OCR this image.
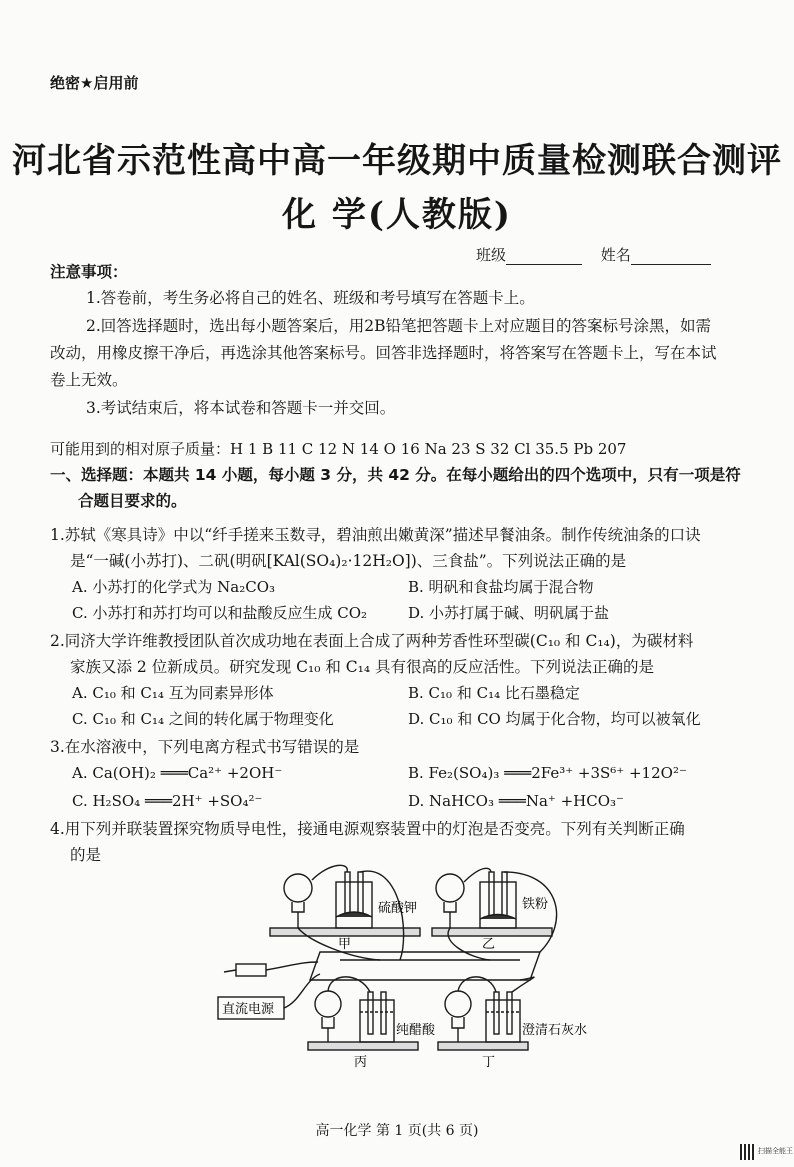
绝密★启用前
河北省示范性高中高一年级期中质量检测联合测评
化 学(人教版)
班级	姓名
注意事项：
1.答卷前，考生务必将自己的姓名、班级和考号填写在答题卡上。
2.回答选择题时，选出每小题答案后，用2B铅笔把答题卡上对应题目的答案标号涂黑，如需
改动，用橡皮擦干净后，再选涂其他答案标号。回答非选择题时，将答案写在答题卡上，写在本试
卷上无效。
3.考试结束后，将本试卷和答题卡一并交回。
可能用到的相对原子质量：H 1 B 11 C 12 N 14 O 16 Na 23 S 32 Cl 35.5 Pb 207
一、选择题：本题共 14 小题，每小题 3 分，共 42 分。在每小题给出的四个选项中，只有一项是符
合题目要求的。
1.苏轼《寒具诗》中以“纤手搓来玉数寻，碧油煎出嫩黄深”描述早餐油条。制作传统油条的口诀
是“一碱(小苏打)、二矾(明矾[KAl(SO₄)₂·12H₂O])、三食盐”。下列说法正确的是
A. 小苏打的化学式为 Na₂CO₃	B. 明矾和食盐均属于混合物
C. 小苏打和苏打均可以和盐酸反应生成 CO₂	D. 小苏打属于碱、明矾属于盐
2.同济大学许维教授团队首次成功地在表面上合成了两种芳香性环型碳(C₁₀ 和 C₁₄)，为碳材料
家族又添 2 位新成员。研究发现 C₁₀ 和 C₁₄ 具有很高的反应活性。下列说法正确的是
A. C₁₀ 和 C₁₄ 互为同素异形体	B. C₁₀ 和 C₁₄ 比石墨稳定
C. C₁₀ 和 C₁₄ 之间的转化属于物理变化	D. C₁₀ 和 CO 均属于化合物，均可以被氧化
3.在水溶液中，下列电离方程式书写错误的是
A. Ca(OH)₂ ═══Ca²⁺ +2OH⁻	B. Fe₂(SO₄)₃ ═══2Fe³⁺ +3S⁶⁺ +12O²⁻
C. H₂SO₄ ═══2H⁺ +SO₄²⁻	D. NaHCO₃ ═══Na⁺ +HCO₃⁻
4.用下列并联装置探究物质导电性，接通电源观察装置中的灯泡是否变亮。下列有关判断正确
的是
硫酸钾	铁粉
甲	乙
直流电源
纯醋酸	澄清石灰水
丙	丁
高一化学 第 1 页(共 6 页)
扫描全能王
